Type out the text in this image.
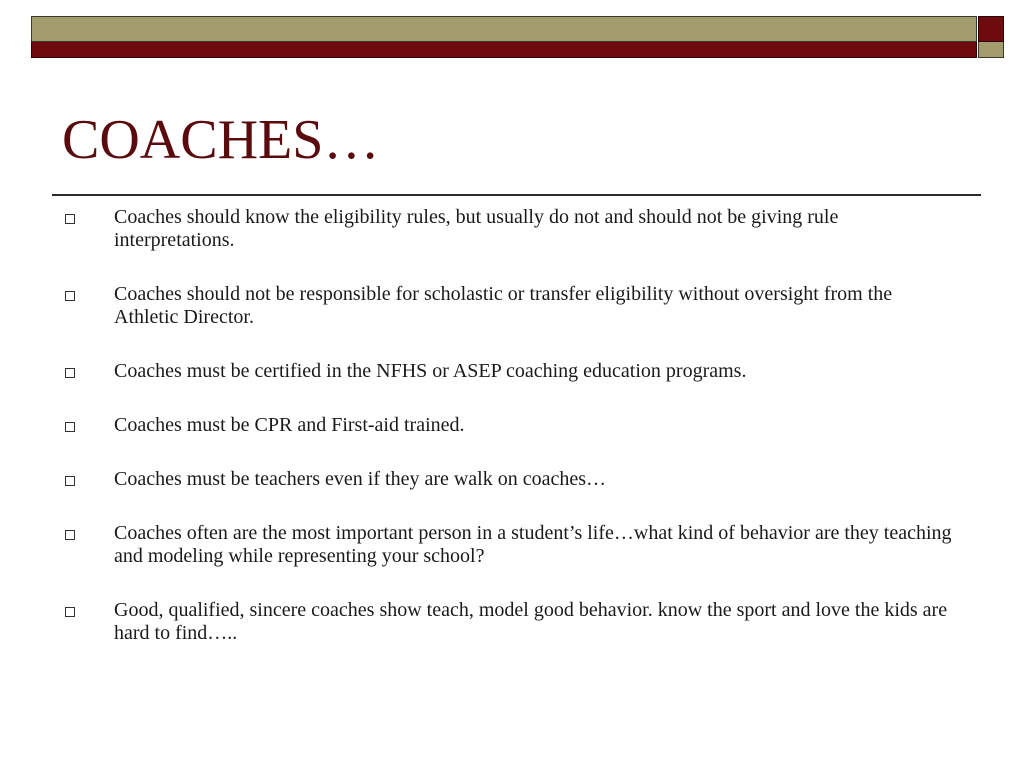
COACHES…
Coaches should know the eligibility rules, but usually do not and should not be giving rule interpretations.
Coaches should not be responsible for scholastic or transfer eligibility without oversight from the Athletic Director.
Coaches must be certified in the NFHS or ASEP coaching education programs.
Coaches must be CPR and First-aid trained.
Coaches must be teachers even if they are walk on coaches…
Coaches often are the most important person in a student’s life…what kind of behavior are they teaching and modeling while representing your school?
Good, qualified, sincere coaches show teach, model good behavior. know the sport and love the kids are hard to find…..
